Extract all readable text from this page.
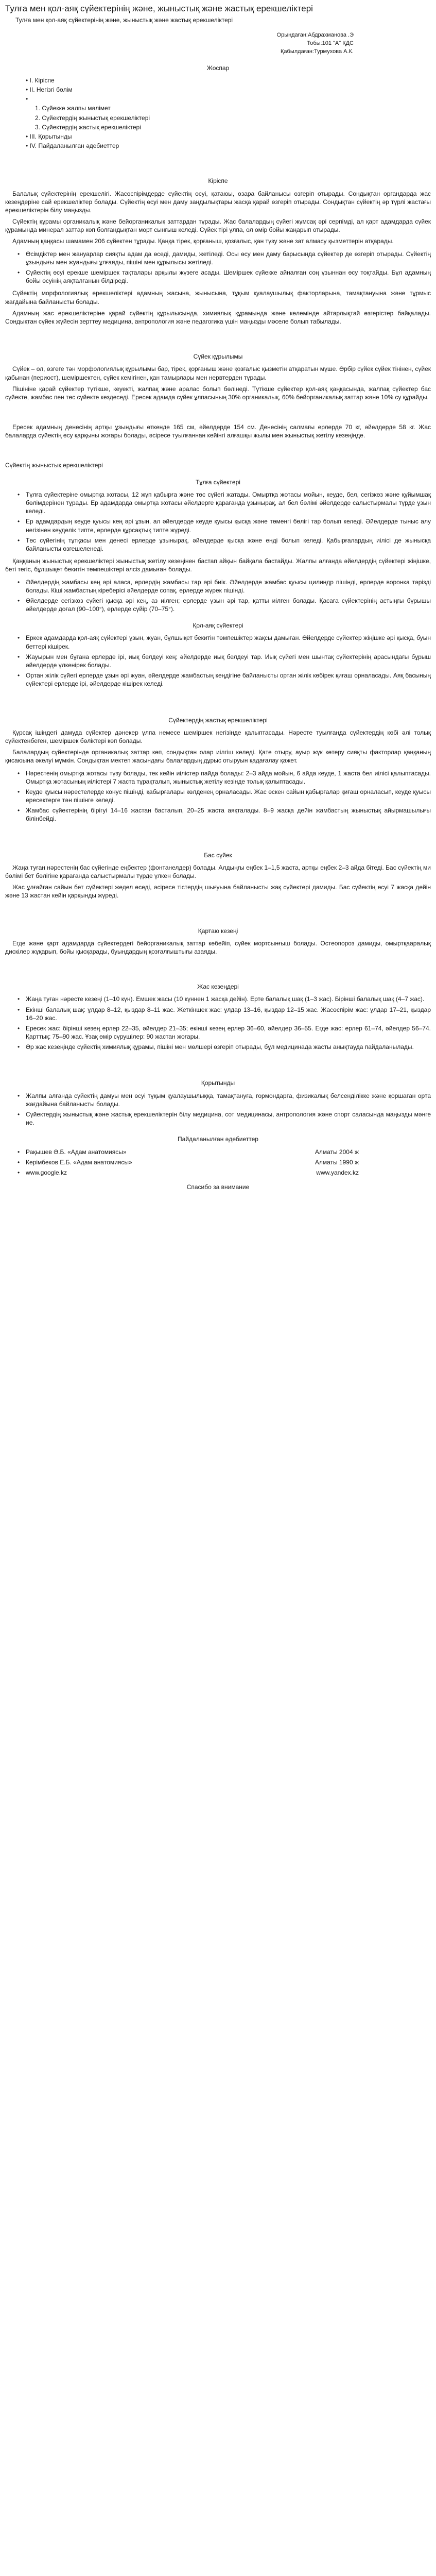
Тулға мен қол-аяқ сүйектерінің және, жыныстық және жастық ерекшеліктері
Тулға мен қол-аяқ сүйектерінің және, жыныстық және жастық ерекшеліктері
Орындаған:Абдрахманова .Э
Тобы:101 "А" ҚДС
Қабылдаған:Турмухова А.К.
Жоспар
• I. Кіріспе
• II. Негізгі бөлім
• 1. Сүйекке жалпы мәлімет
2. Сүйектердің жыныстық ерекшеліктері
3. Сүйектердің жастық ерекшеліктері
• III. Қорытынды
• IV. Пайдаланылған әдебиеттер
Кіріспе

Балалық сүйектерінің ерекшелігі. Жасөспірімдерде сүйектің өсуі, қатаюы, өзара байланысы өзгеріп отырады. Сондықтан органдарда жас кезеңдеріне сай ерекшеліктер болады. Сүйектің өсуі мен даму заңдылықтары жасқа қарай өзгеріп отырады. Сондықтан сүйектің әр түрлі жастағы ерекшеліктерін білу маңызды.

Сүйектің құрамы органикалық және бейорганикалық заттардан тұрады. Жас балалардың сүйегі жұмсақ әрі серпімді, ал қарт адамдарда сүйек құрамында минерал заттар көп болғандықтан морт сынғыш келеді. Сүйек тірі ұлпа, ол өмір бойы жаңарып отырады.

Адамның қаңқасы шамамен 206 сүйектен тұрады. Қаңқа тірек, қорғаныш, қозғалыс, қан түзу және зат алмасу қызметтерін атқарады.

• Өсімдіктер мен жануарлар сияқты адам да өседі, дамиды, жетіледі. Осы өсу мен даму барысында сүйектер де өзгеріп отырады. Сүйектің ұзындығы мен жуандығы ұлғаяды, пішіні мен құрылысы жетіледі.
• Сүйектің өсуі ерекше шеміршек тақталары арқылы жүзеге асады. Шеміршек сүйекке айналған соң ұзыннан өсу тоқтайды. Бұл адамның бойы өсуінің аяқталғанын білдіреді.

Сүйектің морфологиялық ерекшеліктері адамның жасына, жынысына, тұқым қуалаушылық факторларына, тамақтануына және тұрмыс жағдайына байланысты болады.

Адамның жас ерекшеліктеріне қарай сүйектің құрылысында, химиялық құрамында және көлемінде айтарлықтай өзгерістер байқалады. Сондықтан сүйек жүйесін зерттеу медицина, антропология және педагогика үшін маңызды мәселе болып табылады.

Сүйек құрылымы

Сүйек – ол, өзгеге тән морфологиялық құрылымы бар, тірек, қорғаныш және қозғалыс қызметін атқаратын мүше. Әрбір сүйек сүйек тінінен, сүйек қабынан (периост), шеміршектен, сүйек кемігінен, қан тамырлары мен нервтерден тұрады.

Пішініне қарай сүйектер түтікше, кеуекті, жалпақ және аралас болып бөлінеді. Түтікше сүйектер қол-аяқ қаңқасында, жалпақ сүйектер бас сүйекте, жамбас пен төс сүйекте кездеседі. Ересек адамда сүйек ұлпасының 30% органикалық, 60% бейорганикалық заттар және 10% су құрайды.

Ересек адамның денесінің артқы ұзындығы өткенде 165 см, әйелдерде 154 см. Денесінің салмағы ерлерде 70 кг, әйелдерде 58 кг. Жас балаларда сүйектің өсу қарқыны жоғары болады, әсіресе туылғаннан кейінгі алғашқы жылы мен жыныстық жетілу кезеңінде.

Сүйектің жыныстық ерекшеліктері

Тұлға сүйектері
• Тұлға сүйектеріне омыртқа жотасы, 12 жұп қабырға және төс сүйегі жатады. Омыртқа жотасы мойын, кеуде, бел, сегізкөз және құйымшақ бөлімдерінен тұрады. Ер адамдарда омыртқа жотасы әйелдерге қарағанда ұзынырақ, ал бел бөлімі әйелдерде салыстырмалы түрде ұзын келеді.
• Ер адамдардың кеуде қуысы кең әрі ұзын, ал әйелдерде кеуде қуысы қысқа және төменгі бөлігі тар болып келеді. Әйелдерде тыныс алу негізінен кеуделік типте, ерлерде құрсақтық типте жүреді.
• Төс сүйегінің тұтқасы мен денесі ерлерде ұзынырақ, әйелдерде қысқа және енді болып келеді. Қабырғалардың иілісі де жынысқа байланысты өзгешеленеді.

Қаңқаның жыныстық ерекшеліктері жыныстық жетілу кезеңінен бастап айқын байқала бастайды. Жалпы алғанда әйелдердің сүйектері жіңішке, беті тегіс, бұлшықет бекитін төмпешіктері әлсіз дамыған болады.

• Әйелдердің жамбасы кең әрі аласа, ерлердің жамбасы тар әрі биік. Әйелдерде жамбас қуысы цилиндр пішінді, ерлерде воронка тәрізді болады. Кіші жамбастың кіреберісі әйелдерде сопақ, ерлерде жүрек пішінді.
• Әйелдерде сегізкөз сүйегі қысқа әрі кең, аз иілген; ерлерде ұзын әрі тар, қатты иілген болады. Қасаға сүйектерінің астыңғы бұрышы әйелдерде доғал (90–100°), ерлерде сүйір (70–75°).
Қол-аяқ сүйектері
• Еркек адамдарда қол-аяқ сүйектері ұзын, жуан, бұлшықет бекитін төмпешіктер жақсы дамыған. Әйелдерде сүйектер жіңішке әрі қысқа, буын беттері кішірек.
• Жауырын мен бұғана ерлерде ірі, иық белдеуі кең; әйелдерде иық белдеуі тар. Иық сүйегі мен шынтақ сүйектерінің арасындағы бұрыш әйелдерде үлкенірек болады.
• Ортан жілік сүйегі ерлерде ұзын әрі жуан, әйелдерде жамбастың кеңдігіне байланысты ортан жілік көбірек қиғаш орналасады. Аяқ басының сүйектері ерлерде ірі, әйелдерде кішірек келеді.
Сүйектердің жастық ерекшеліктері

Құрсақ ішіндегі дамуда сүйектер дәнекер ұлпа немесе шеміршек негізінде қалыптасады. Нәресте туылғанда сүйектердің көбі әлі толық сүйектенбеген, шеміршек бөліктері көп болады.

Балалардың сүйектерінде органикалық заттар көп, сондықтан олар иілгіш келеді. Қате отыру, ауыр жүк көтеру сияқты факторлар қаңқаның қисаюына әкелуі мүмкін. Сондықтан мектеп жасындағы балалардың дұрыс отыруын қадағалау қажет.

• Нәрестенің омыртқа жотасы түзу болады, тек кейін иілістер пайда болады: 2–3 айда мойын, 6 айда кеуде, 1 жаста бел иілісі қалыптасады. Омыртқа жотасының иілістері 7 жаста тұрақталып, жыныстық жетілу кезінде толық қалыптасады.
• Кеуде қуысы нәрестелерде конус пішінді, қабырғалары көлденең орналасады. Жас өскен сайын қабырғалар қиғаш орналасып, кеуде қуысы ересектерге тән пішінге келеді.
• Жамбас сүйектерінің бірігуі 14–16 жастан басталып, 20–25 жаста аяқталады. 8–9 жасқа дейін жамбастың жыныстық айырмашылығы білінбейді.
Бас сүйек

Жаңа туған нәрестенің бас сүйегінде еңбектер (фонтанелдер) болады. Алдыңғы еңбек 1–1,5 жаста, артқы еңбек 2–3 айда бітеді. Бас сүйектің ми бөлімі бет бөлігіне қарағанда салыстырмалы түрде үлкен болады.

Жас ұлғайған сайын бет сүйектері жедел өседі, әсіресе тістердің шығуына байланысты жақ сүйектері дамиды. Бас сүйектің өсуі 7 жасқа дейін және 13 жастан кейін қарқынды жүреді.

Қартаю кезеңі

Егде және қарт адамдарда сүйектердегі бейорганикалық заттар көбейіп, сүйек мортсынғыш болады. Остеопороз дамиды, омыртқааралық дискілер жұқарып, бойы қысқарады, буындардың қозғалғыштығы азаяды.

Жас кезеңдері
• Жаңа туған нәресте кезеңі (1–10 күн). Емшек жасы (10 күннен 1 жасқа дейін). Ерте балалық шақ (1–3 жас). Бірінші балалық шақ (4–7 жас).
• Екінші балалық шақ: ұлдар 8–12, қыздар 8–11 жас. Жеткіншек жас: ұлдар 13–16, қыздар 12–15 жас. Жасөспірім жас: ұлдар 17–21, қыздар 16–20 жас.
• Ересек жас: бірінші кезең ерлер 22–35, әйелдер 21–35; екінші кезең ерлер 36–60, әйелдер 36–55. Егде жас: ерлер 61–74, әйелдер 56–74. Қарттық: 75–90 жас. Ұзақ өмір сүрушілер: 90 жастан жоғары.
• Әр жас кезеңінде сүйектің химиялық құрамы, пішіні мен мөлшері өзгеріп отырады, бұл медицинада жасты анықтауда пайдаланылады.
Қорытынды
• Жалпы алғанда сүйектің дамуы мен өсуі тұқым қуалаушылыққа, тамақтануға, гормондарға, физикалық белсенділікке және қоршаған орта жағдайына байланысты болады.
• Сүйектердің жыныстық және жастық ерекшеліктерін білу медицина, сот медицинасы, антропология және спорт саласында маңызды мәнге ие.
Пайдаланылған әдебиеттер
• Рақышев Ә.Б. «Адам анатомиясы»	Алматы 2004 ж
• Керімбеков Е.Б. «Адам анатомиясы»	Алматы 1990 ж
• www.google.kz	www.yandex.kz
Спасибо за внимание
